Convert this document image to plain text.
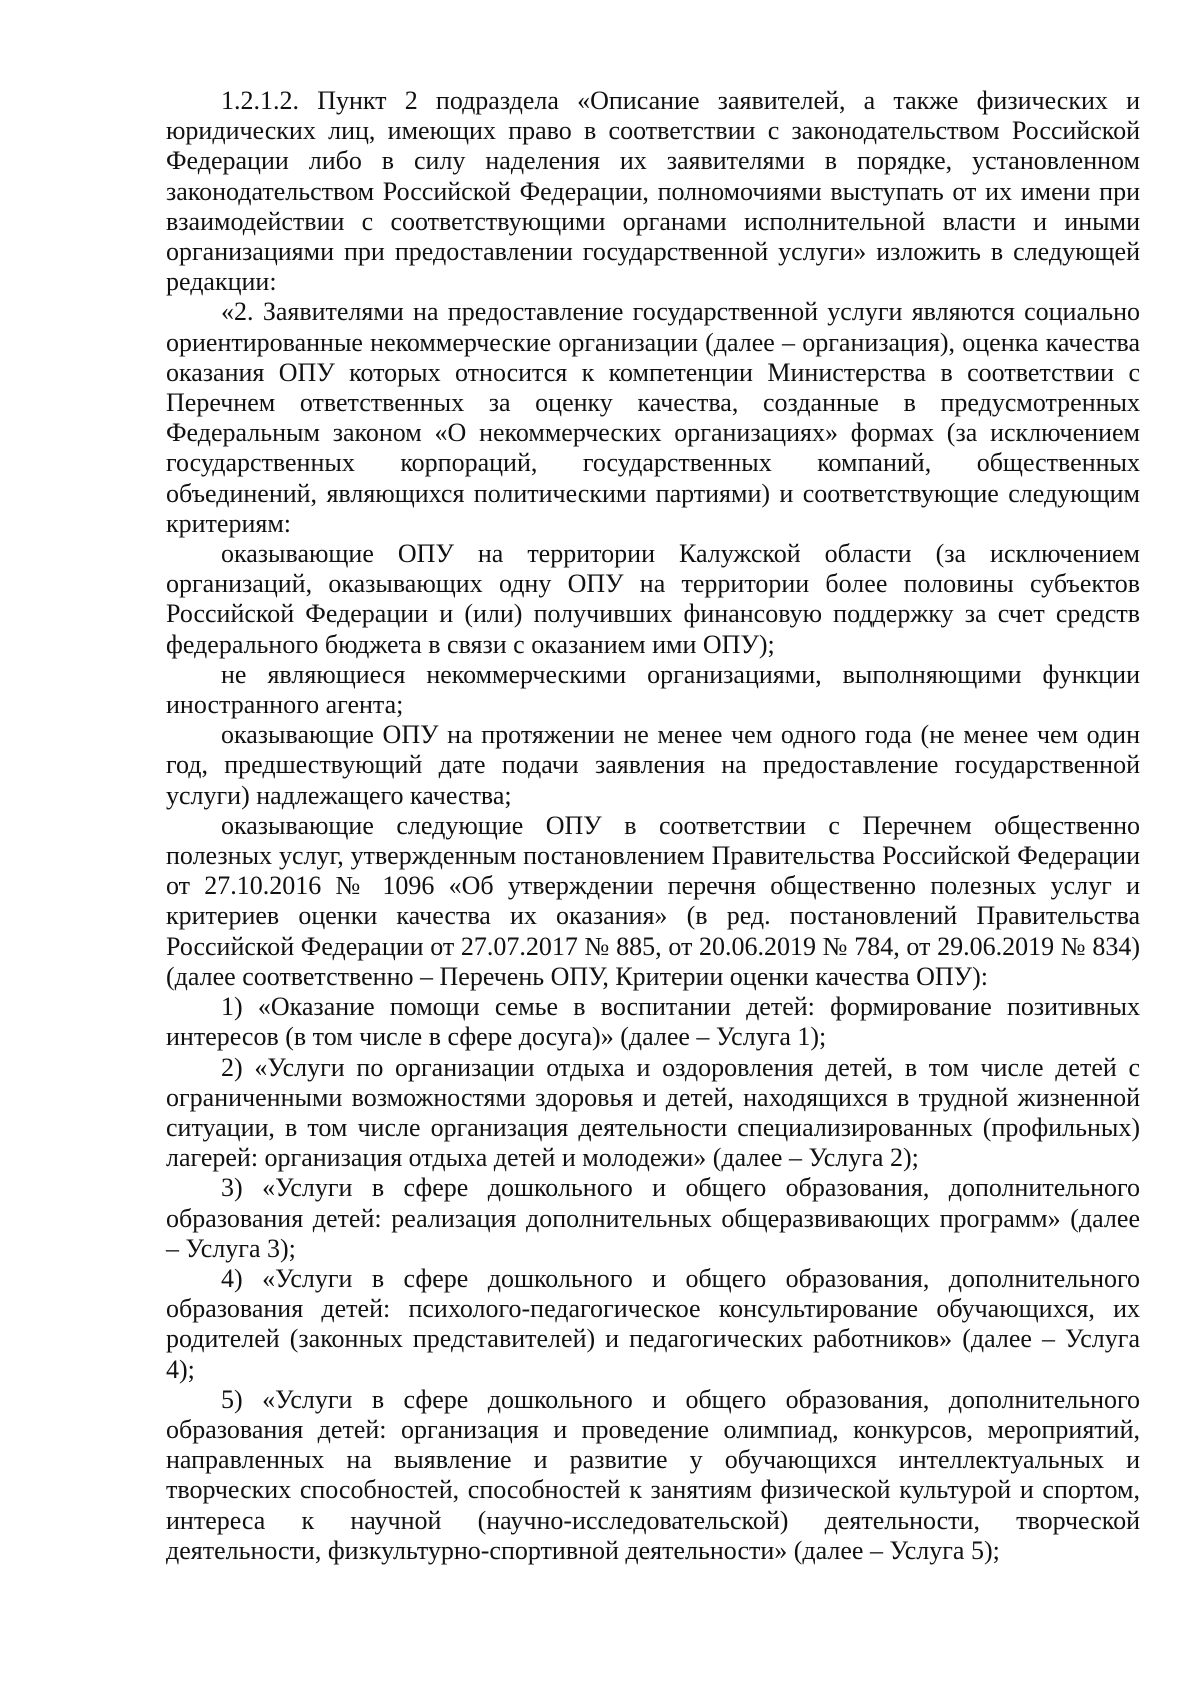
1.2.1.2. Пункт 2 подраздела «Описание заявителей, а также физических и юридических лиц, имеющих право в соответствии с законодательством Российской Федерации либо в силу наделения их заявителями в порядке, установленном законодательством Российской Федерации, полномочиями выступать от их имени при взаимодействии с соответствующими органами исполнительной власти и иными организациями при предоставлении государственной услуги» изложить в следующей редакции:

«2. Заявителями на предоставление государственной услуги являются социально ориентированные некоммерческие организации (далее – организация), оценка качества оказания ОПУ которых относится к компетенции Министерства в соответствии с Перечнем ответственных за оценку качества, созданные в предусмотренных Федеральным законом «О некоммерческих организациях» формах (за исключением государственных корпораций, государственных компаний, общественных объединений, являющихся политическими партиями) и соответствующие следующим критериям:

оказывающие ОПУ на территории Калужской области (за исключением организаций, оказывающих одну ОПУ на территории более половины субъектов Российской Федерации и (или) получивших финансовую поддержку за счет средств федерального бюджета в связи с оказанием ими ОПУ);

не являющиеся некоммерческими организациями, выполняющими функции иностранного агента;

оказывающие ОПУ на протяжении не менее чем одного года (не менее чем один год, предшествующий дате подачи заявления на предоставление государственной услуги) надлежащего качества;

оказывающие следующие ОПУ в соответствии с Перечнем общественно полезных услуг, утвержденным постановлением Правительства Российской Федерации от 27.10.2016 № 1096 «Об утверждении перечня общественно полезных услуг и критериев оценки качества их оказания» (в ред. постановлений Правительства Российской Федерации от 27.07.2017 № 885, от 20.06.2019 № 784, от 29.06.2019 № 834) (далее соответственно – Перечень ОПУ, Критерии оценки качества ОПУ):

1) «Оказание помощи семье в воспитании детей: формирование позитивных интересов (в том числе в сфере досуга)» (далее – Услуга 1);

2) «Услуги по организации отдыха и оздоровления детей, в том числе детей с ограниченными возможностями здоровья и детей, находящихся в трудной жизненной ситуации, в том числе организация деятельности специализированных (профильных) лагерей: организация отдыха детей и молодежи» (далее – Услуга 2);

3) «Услуги в сфере дошкольного и общего образования, дополнительного образования детей: реализация дополнительных общеразвивающих программ» (далее – Услуга 3);

4) «Услуги в сфере дошкольного и общего образования, дополнительного образования детей: психолого-педагогическое консультирование обучающихся, их родителей (законных представителей) и педагогических работников» (далее – Услуга 4);

5) «Услуги в сфере дошкольного и общего образования, дополнительного образования детей: организация и проведение олимпиад, конкурсов, мероприятий, направленных на выявление и развитие у обучающихся интеллектуальных и творческих способностей, способностей к занятиям физической культурой и спортом, интереса к научной (научно-исследовательской) деятельности, творческой деятельности, физкультурно-спортивной деятельности» (далее – Услуга 5);
